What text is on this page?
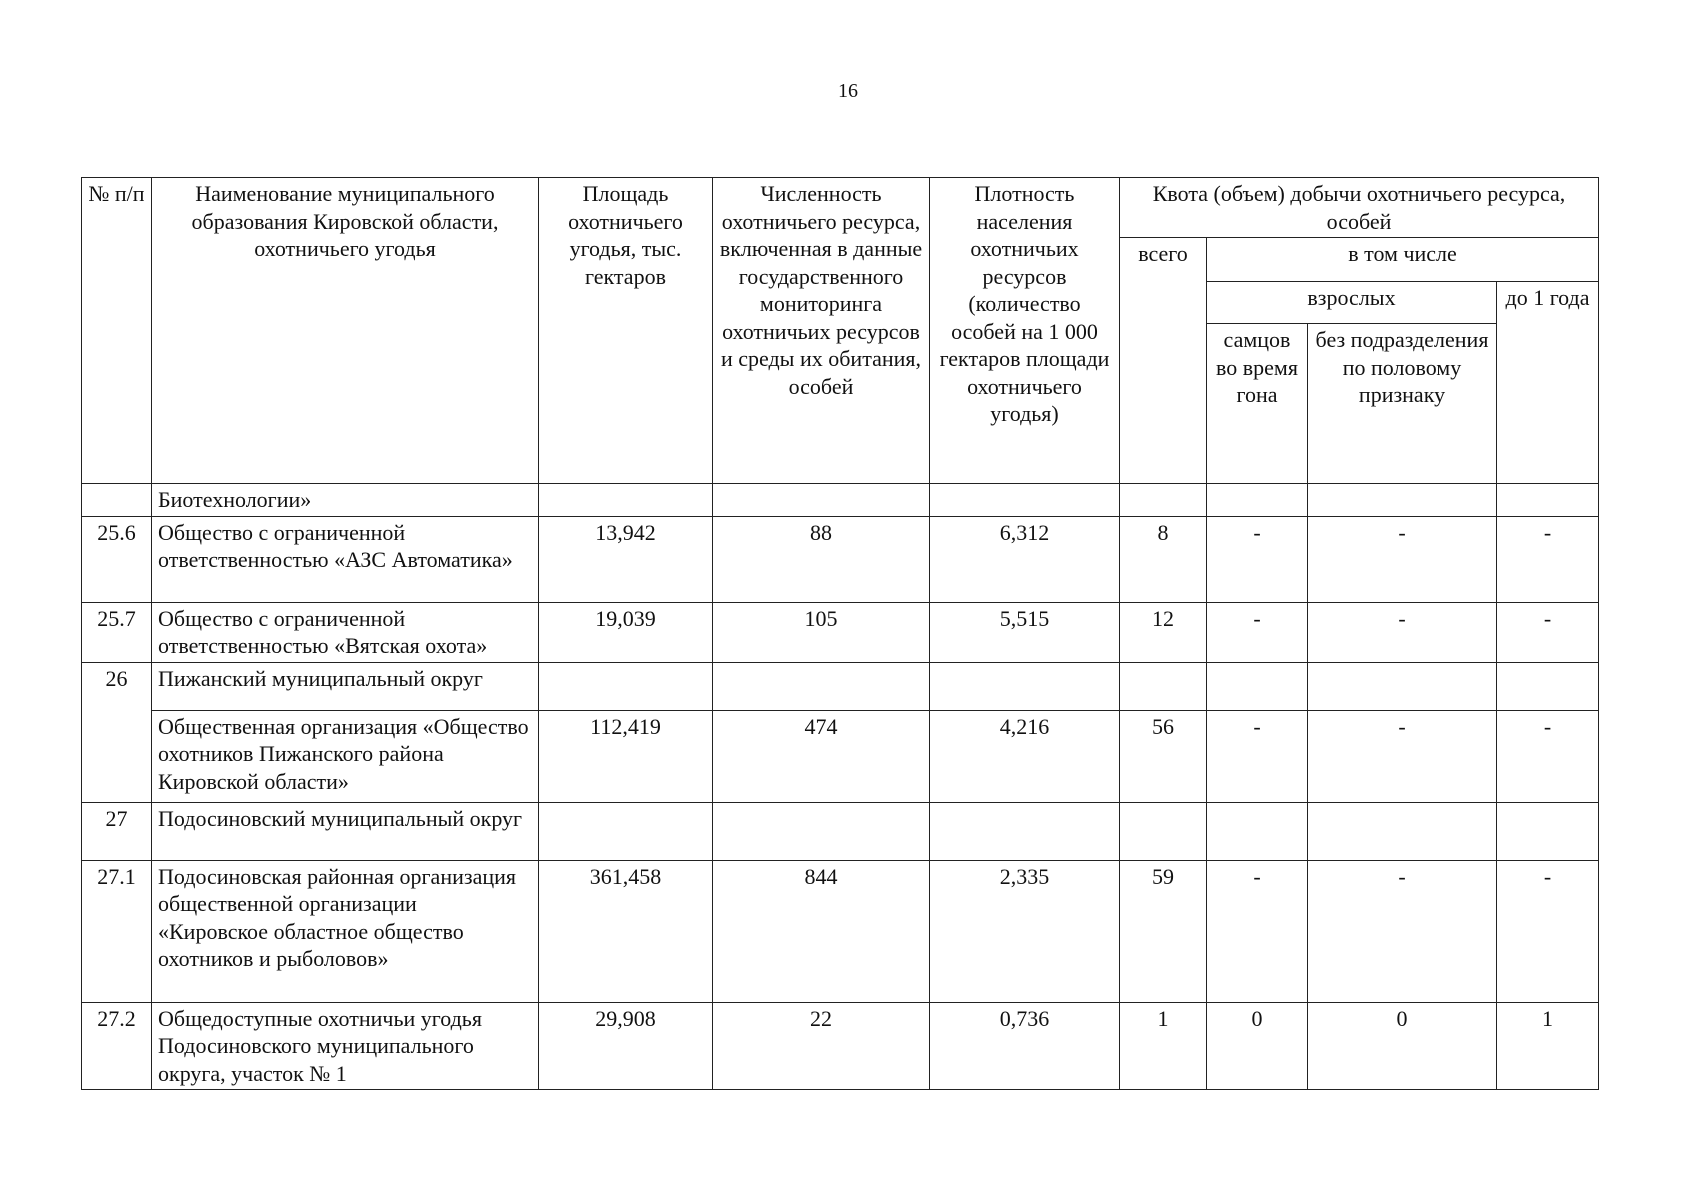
16
№ п/п	Наименование муниципального образования Кировской области, охотничьего угодья	Площадь охотничьего угодья, тыс. гектаров	Численность охотничьего ресурса, включенная в данные государственного мониторинга охотничьих ресурсов и среды их обитания, особей	Плотность населения охотничьих ресурсов (количество особей на 1 000 гектаров площади охотничьего угодья)	Квота (объем) добычи охотничьего ресурса, особей			
					всего	в том числе		
						взрослых		до 1 года
						самцов во время гона	без подразделения по половому признаку	
	Биотехнологии»							
25.6	Общество с ограниченной ответственностью «АЗС Автоматика»	13,942	88	6,312	8	-	-	-
25.7	Общество с ограниченной ответственностью «Вятская охота»	19,039	105	5,515	12	-	-	-
26	Пижанский муниципальный округ							
	Общественная организация «Общество охотников Пижанского района Кировской области»	112,419	474	4,216	56	-	-	-
27	Подосиновский муниципальный округ							
27.1	Подосиновская районная организация общественной организации «Кировское областное общество охотников и рыболовов»	361,458	844	2,335	59	-	-	-
27.2	Общедоступные охотничьи угодья Подосиновского муниципального округа, участок № 1	29,908	22	0,736	1	0	0	1
